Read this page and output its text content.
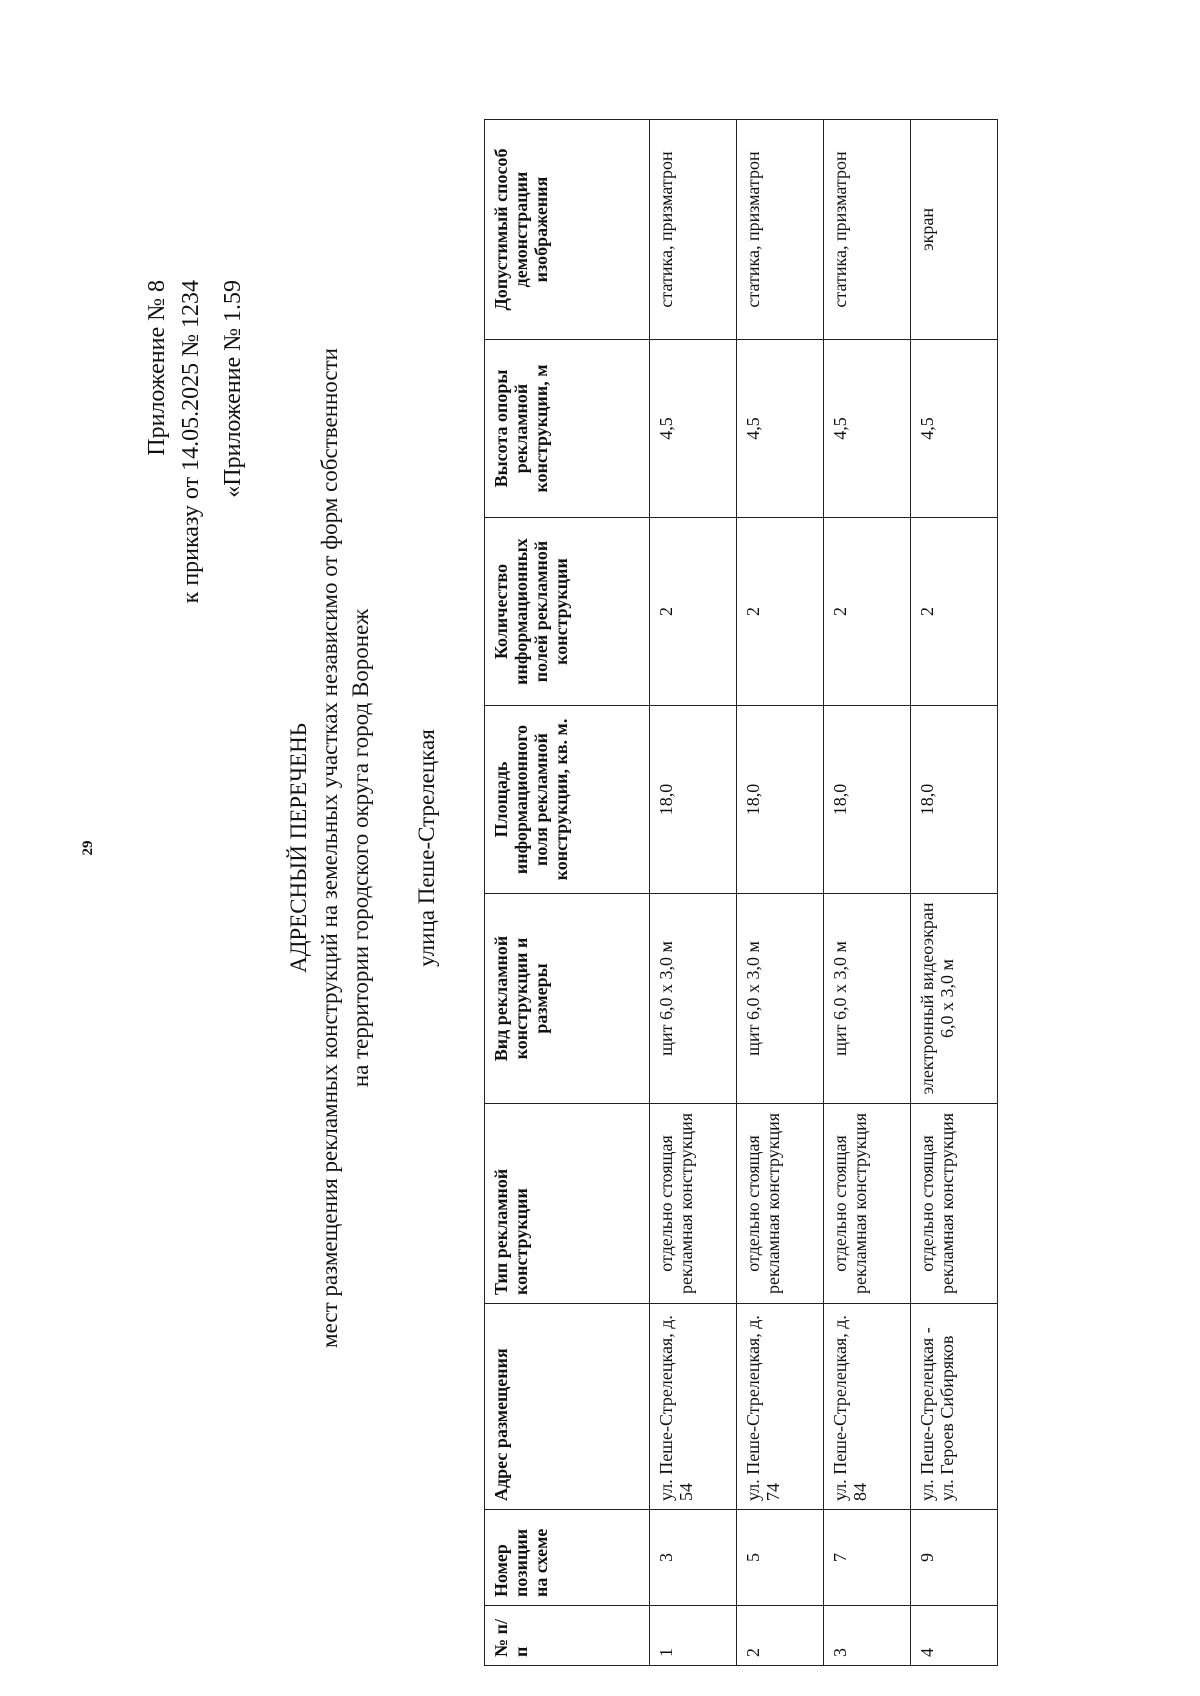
29
Приложение № 8 к приказу от 14.05.2025 № 1234 «Приложение № 1.59
АДРЕСНЫЙ ПЕРЕЧЕНЬ мест размещения рекламных конструкций на земельных участках независимо от форм собственности на территории городского округа город Воронеж улица Пеше-Стрелецкая
№ п/п	Номер позиции на схеме	Адрес размещения	Тип рекламной конструкции	Вид рекламной конструкции и размеры	Площадь информационного поля рекламной конструкции, кв. м.	Количество информационных полей рекламной конструкции	Высота опоры рекламной конструкции, м	Допустимый способ демонстрации изображения
1	3	ул. Пеше-Стрелецкая, д. 54	отдельно стоящая рекламная конструкция	щит 6,0 х 3,0 м	18,0	2	4,5	статика, призматрон
2	5	ул. Пеше-Стрелецкая, д. 74	отдельно стоящая рекламная конструкция	щит 6,0 х 3,0 м	18,0	2	4,5	статика, призматрон
3	7	ул. Пеше-Стрелецкая, д. 84	отдельно стоящая рекламная конструкция	щит 6,0 х 3,0 м	18,0	2	4,5	статика, призматрон
4	9	ул. Пеше-Стрелецкая - ул. Героев Сибиряков	отдельно стоящая рекламная конструкция	электронный видеоэкран 6,0 х 3,0 м	18,0	2	4,5	экран
